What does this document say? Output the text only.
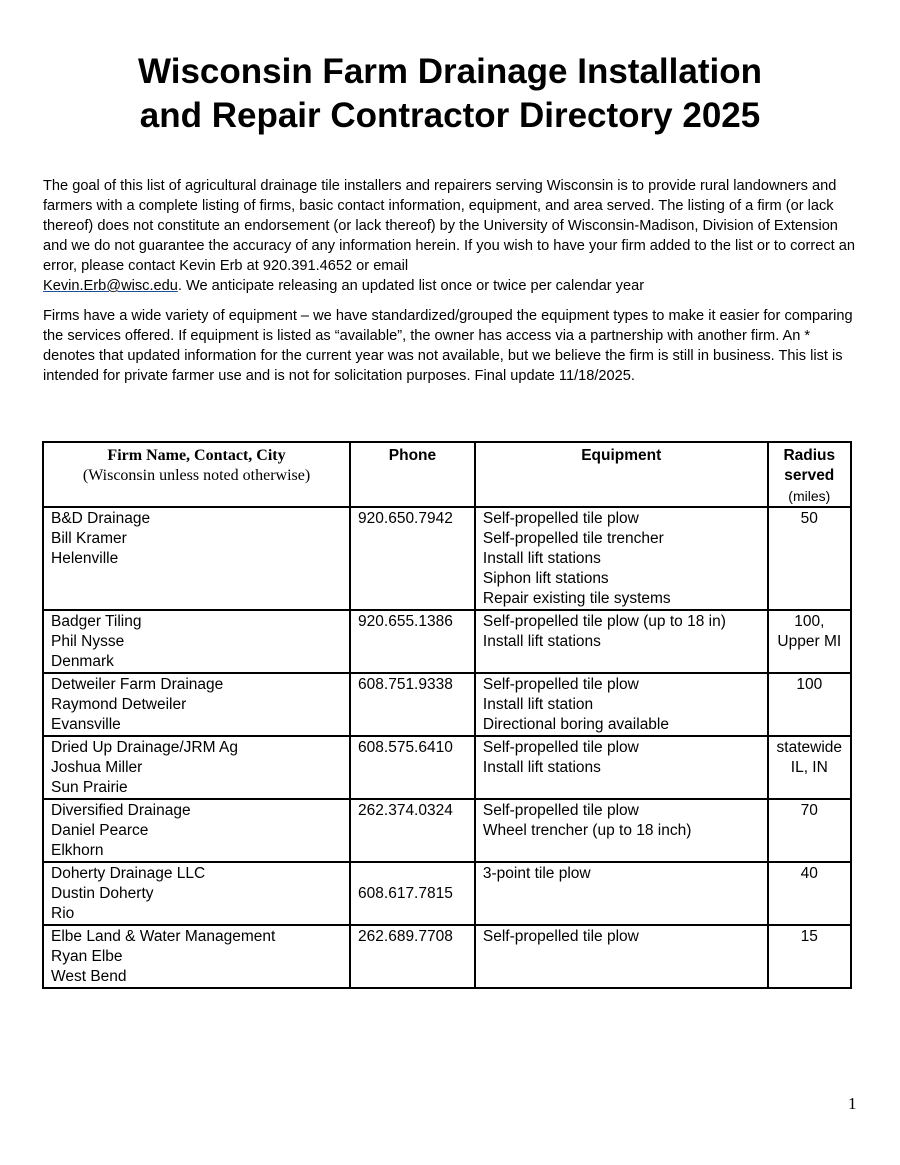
Wisconsin Farm Drainage Installation
and Repair Contractor Directory 2025

The goal of this list of agricultural drainage tile installers and repairers serving Wisconsin is to provide rural landowners and farmers with a complete listing of firms, basic contact information, equipment, and area served. The listing of a firm (or lack thereof) does not constitute an endorsement (or lack thereof) by the University of Wisconsin-Madison, Division of Extension and we do not guarantee the accuracy of any information herein. If you wish to have your firm added to the list or to correct an error, please contact Kevin Erb at 920.391.4652 or email
Kevin.Erb@wisc.edu. We anticipate releasing an updated list once or twice per calendar year

Firms have a wide variety of equipment – we have standardized/grouped the equipment types to make it easier for comparing the services offered. If equipment is listed as “available”, the owner has access via a partnership with another firm. An * denotes that updated information for the current year was not available, but we believe the firm is still in business. This list is intended for private farmer use and is not for solicitation purposes. Final update 11/18/2025.

Firm Name, Contact, City
(Wisconsin unless noted otherwise)	Phone	Equipment	Radius served
(miles)

B&D Drainage
Bill Kramer
Helenville	920.650.7942	Self-propelled tile plow
Self-propelled tile trencher
Install lift stations
Siphon lift stations
Repair existing tile systems	50

Badger Tiling
Phil Nysse
Denmark	920.655.1386	Self-propelled tile plow (up to 18 in)
Install lift stations	100,
Upper MI

Detweiler Farm Drainage
Raymond Detweiler
Evansville	608.751.9338	Self-propelled tile plow
Install lift station
Directional boring available	100

Dried Up Drainage/JRM Ag
Joshua Miller
Sun Prairie	608.575.6410	Self-propelled tile plow
Install lift stations	statewide
IL, IN

Diversified Drainage
Daniel Pearce
Elkhorn	262.374.0324	Self-propelled tile plow
Wheel trencher (up to 18 inch)	70

Doherty Drainage LLC
Dustin Doherty
Rio	608.617.7815	3-point tile plow	40

Elbe Land & Water Management
Ryan Elbe
West Bend	262.689.7708	Self-propelled tile plow	15
1
